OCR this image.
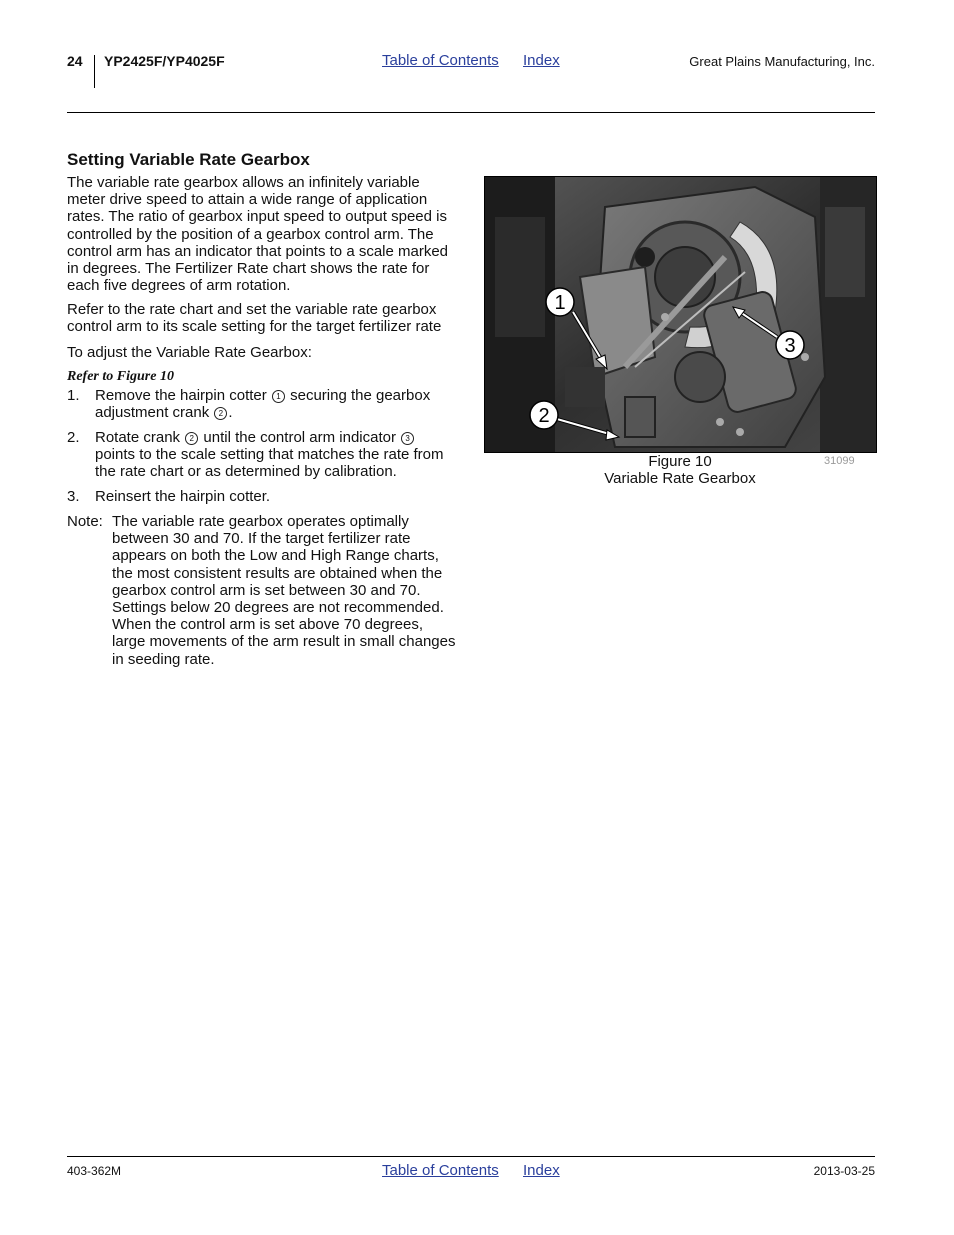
24 YP2425F/YP4025F	Table of Contents Index	Great Plains Manufacturing, Inc.
Setting Variable Rate Gearbox
The variable rate gearbox allows an infinitely variable meter drive speed to attain a wide range of application rates. The ratio of gearbox input speed to output speed is controlled by the position of a gearbox control arm. The control arm has an indicator that points to a scale marked in degrees. The Fertilizer Rate chart shows the rate for each five degrees of arm rotation.
Refer to the rate chart and set the variable rate gearbox control arm to its scale setting for the target fertilizer rate
To adjust the Variable Rate Gearbox:
Refer to Figure 10
1. Remove the hairpin cotter 1 securing the gearbox adjustment crank 2 .
2. Rotate crank 2 until the control arm indicator 3 points to the scale setting that matches the rate from the rate chart or as determined by calibration.
3. Reinsert the hairpin cotter.
Note: The variable rate gearbox operates optimally between 30 and 70. If the target fertilizer rate appears on both the Low and High Range charts, the most consistent results are obtained when the gearbox control arm is set between 30 and 70. Settings below 20 degrees are not recommended. When the control arm is set above 70 degrees, large movements of the arm result in small changes in seeding rate.
1
2
3
31099
Figure 10
Variable Rate Gearbox
403-362M	Table of Contents Index	2013-03-25
